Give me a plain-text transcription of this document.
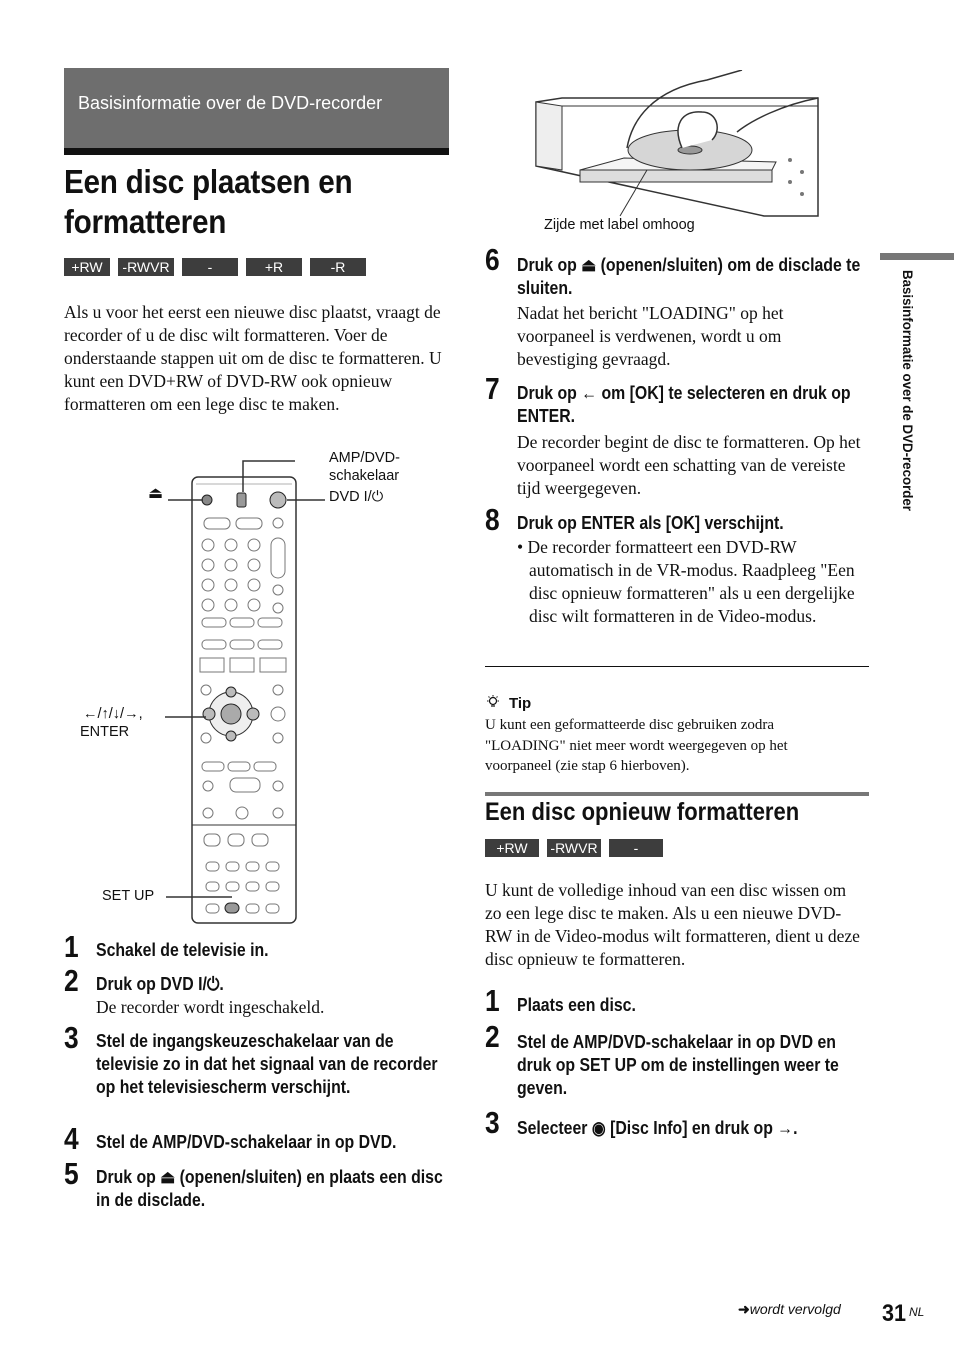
Basisinformatie over de DVD-recorder
Een disc plaatsen en formatteren
+RW	-RWVR	-RWVideo
+R	-R
Als u voor het eerst een nieuwe disc plaatst, vraagt de recorder of u de disc wilt formatteren. Voer de onderstaande stappen uit om de disc te formatteren. U kunt een DVD+RW of DVD-RW ook opnieuw formatteren om een lege disc te maken.
⏏
AMP/DVD-
schakelaar
DVD I/⏻
←/↑/↓/→,
ENTER
SET UP
1 Schakel de televisie in.
2 Druk op DVD I/⏻.
De recorder wordt ingeschakeld.
3 Stel de ingangskeuzeschakelaar van de televisie zo in dat het signaal van de recorder op het televisiescherm verschijnt.
4 Stel de AMP/DVD-schakelaar in op DVD.
5 Druk op ⏏ (openen/sluiten) en plaats een disc in de disclade.
Zijde met label omhoog
6 Druk op ⏏ (openen/sluiten) om de disclade te sluiten.
Nadat het bericht "LOADING" op het voorpaneel is verdwenen, wordt u om bevestiging gevraagd.
7 Druk op ← om [OK] te selecteren en druk op ENTER.
De recorder begint de disc te formatteren. Op het voorpaneel wordt een schatting van de vereiste tijd weergegeven.
8 Druk op ENTER als [OK] verschijnt.
• De recorder formatteert een DVD-RW automatisch in de VR-modus. Raadpleeg "Een disc opnieuw formatteren" als u een dergelijke disc wilt formatteren in de Video-modus.
Tip
U kunt een geformatteerde disc gebruiken zodra "LOADING" niet meer wordt weergegeven op het voorpaneel (zie stap 6 hierboven).
Een disc opnieuw formatteren
+RW	-RWVR	-RWVideo
U kunt de volledige inhoud van een disc wissen om zo een lege disc te maken. Als u een nieuwe DVD-RW in de Video-modus wilt formatteren, dient u deze disc opnieuw te formatteren.
1 Plaats een disc.
2 Stel de AMP/DVD-schakelaar in op DVD en druk op SET UP om de instellingen weer te geven.
3 Selecteer ◉ [Disc Info] en druk op →.
Basisinformatie over de DVD-recorder
➜wordt vervolgd 31 NL
